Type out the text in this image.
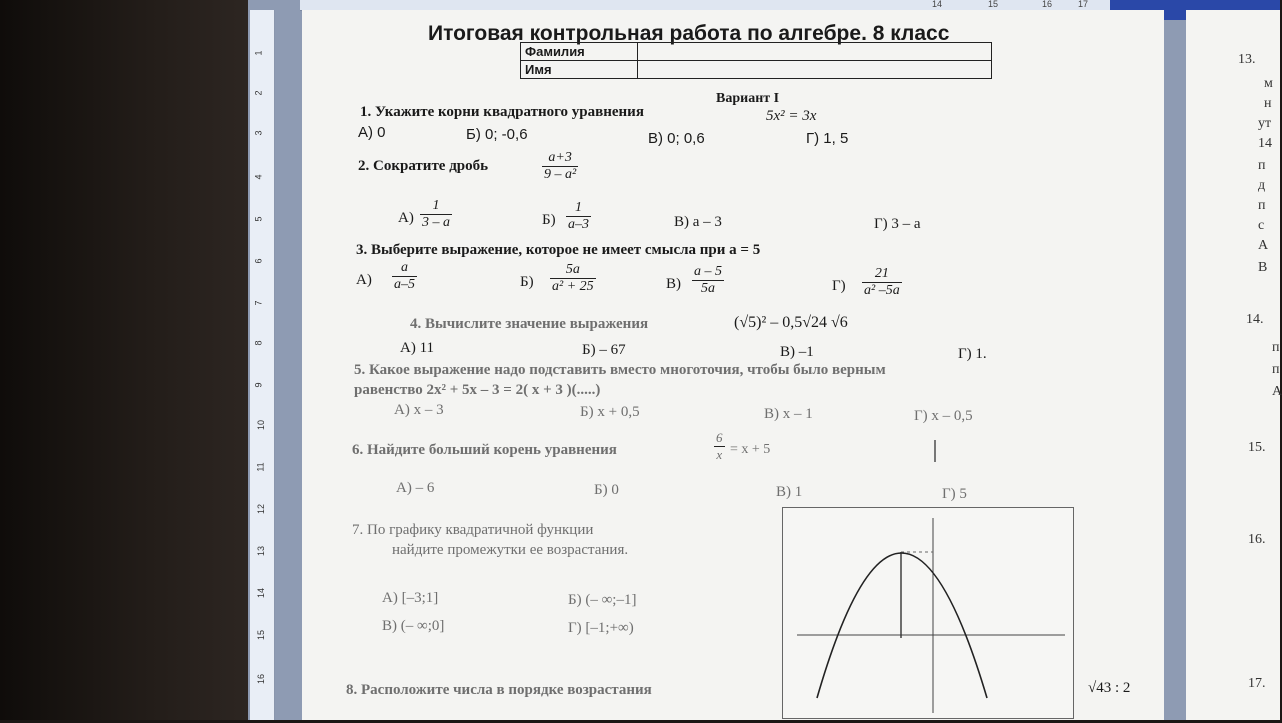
14	15	16	17
1
2
3
4
5
6
7
8
9
10
11
12
13
14
15
16
Итоговая контрольная работа по алгебре. 8 класс
Фамилия	
Имя	
Вариант I
1. Укажите корни квадратного уравнения	5x² = 3x
А) 0	Б) 0; -0,6	В) 0; 0,6	Г) 1, 5
2. Сократите дробь	$\frac{a+3}{\text{9 – a²}}$
$А) \frac{1}{3 - a}$	$Б) \frac{1}{a-3}$	В) a – 3	Г) 3 – a
3. Выберите выражение, которое не имеет смысла при a = 5
$А) \frac{a}{a-5}$	$Б) \frac{5a}{\text{a² + 25}}$	$В) \frac{a - 5}{5a}$	$Г) \frac{21}{\text{a² –5a}}$
4. Вычислите значение выражения	(√5)² – 0,5√24 √6
А) 11	Б) – 67	В) –1	Г) 1.
5. Какое выражение надо подставить вместо многоточия, чтобы было верным
равенство 2x² + 5x – 3 = 2( x + 3 )(.....)
А) x – 3	Б) x + 0,5	В) x – 1	Г) x – 0,5
6. Найдите больший корень уравнения	$\frac{6}{x} = x + 5$
А) – 6	Б) 0	В) 1	Г) 5
7. По графику квадратичной функции
найдите промежутки ее возрастания.
А) [–3;1]	Б) (– ∞;–1]
В) (– ∞;0]	Г) [–1;+∞)
8. Расположите числа в порядке возрастания	√43 : 2
13.
м
н
ут
14
п
д
п
с
А
В
14.
п
п
А
15.
16.
17.
